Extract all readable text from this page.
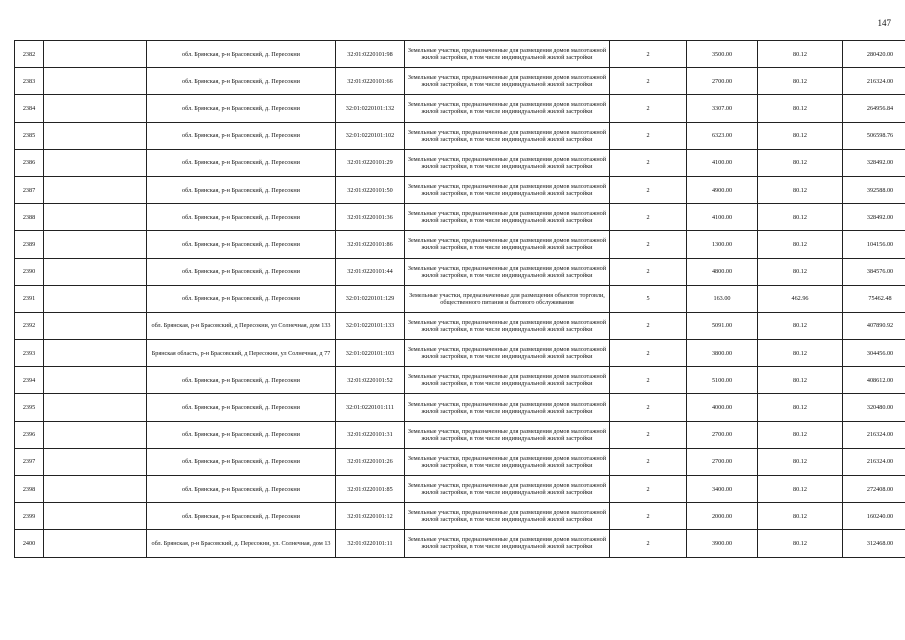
147
2382		обл. Брянская, р-н Брасовский, д. Пересокни	32:01:0220101:98	Земельные участки, предназначенные для размещения домов малоэтажной жилой застройки, в том числе индивидуальной жилой застройки	2	3500.00	80.12	280420.00
2383		обл. Брянская, р-н Брасовский, д. Пересокни	32:01:0220101:66	Земельные участки, предназначенные для размещения домов малоэтажной жилой застройки, в том числе индивидуальной жилой застройки	2	2700.00	80.12	216324.00
2384		обл. Брянская, р-н Брасовский, д. Пересокни	32:01:0220101:132	Земельные участки, предназначенные для размещения домов малоэтажной жилой застройки, в том числе индивидуальной жилой застройки	2	3307.00	80.12	264956.84
2385		обл. Брянская, р-н Брасовский, д. Пересокни	32:01:0220101:102	Земельные участки, предназначенные для размещения домов малоэтажной жилой застройки, в том числе индивидуальной жилой застройки	2	6323.00	80.12	506598.76
2386		обл. Брянская, р-н Брасовский, д. Пересокни	32:01:0220101:29	Земельные участки, предназначенные для размещения домов малоэтажной жилой застройки, в том числе индивидуальной жилой застройки	2	4100.00	80.12	328492.00
2387		обл. Брянская, р-н Брасовский, д. Пересокни	32:01:0220101:50	Земельные участки, предназначенные для размещения домов малоэтажной жилой застройки, в том числе индивидуальной жилой застройки	2	4900.00	80.12	392588.00
2388		обл. Брянская, р-н Брасовский, д. Пересокни	32:01:0220101:36	Земельные участки, предназначенные для размещения домов малоэтажной жилой застройки, в том числе индивидуальной жилой застройки	2	4100.00	80.12	328492.00
2389		обл. Брянская, р-н Брасовский, д. Пересокни	32:01:0220101:86	Земельные участки, предназначенные для размещения домов малоэтажной жилой застройки, в том числе индивидуальной жилой застройки	2	1300.00	80.12	104156.00
2390		обл. Брянская, р-н Брасовский, д. Пересокни	32:01:0220101:44	Земельные участки, предназначенные для размещения домов малоэтажной жилой застройки, в том числе индивидуальной жилой застройки	2	4800.00	80.12	384576.00
2391		обл. Брянская, р-н Брасовский, д. Пересокни	32:01:0220101:129	Земельные участки, предназначенные для размещения объектов торговли, общественного питания и бытового обслуживания	5	163.00	462.96	75462.48
2392		обл. Брянская, р-н Брасовский, д Пересокни, ул Солнечная, дом 133	32:01:0220101:133	Земельные участки, предназначенные для размещения домов малоэтажной жилой застройки, в том числе индивидуальной жилой застройки	2	5091.00	80.12	407890.92
2393		Брянская область, р-н Брасовский, д Пересокни, ул Солнечная, д 77	32:01:0220101:103	Земельные участки, предназначенные для размещения домов малоэтажной жилой застройки, в том числе индивидуальной жилой застройки	2	3800.00	80.12	304456.00
2394		обл. Брянская, р-н Брасовский, д. Пересокни	32:01:0220101:52	Земельные участки, предназначенные для размещения домов малоэтажной жилой застройки, в том числе индивидуальной жилой застройки	2	5100.00	80.12	408612.00
2395		обл. Брянская, р-н Брасовский, д. Пересокни	32:01:0220101:111	Земельные участки, предназначенные для размещения домов малоэтажной жилой застройки, в том числе индивидуальной жилой застройки	2	4000.00	80.12	320480.00
2396		обл. Брянская, р-н Брасовский, д. Пересокни	32:01:0220101:31	Земельные участки, предназначенные для размещения домов малоэтажной жилой застройки, в том числе индивидуальной жилой застройки	2	2700.00	80.12	216324.00
2397		обл. Брянская, р-н Брасовский, д. Пересокни	32:01:0220101:26	Земельные участки, предназначенные для размещения домов малоэтажной жилой застройки, в том числе индивидуальной жилой застройки	2	2700.00	80.12	216324.00
2398		обл. Брянская, р-н Брасовский, д. Пересокни	32:01:0220101:85	Земельные участки, предназначенные для размещения домов малоэтажной жилой застройки, в том числе индивидуальной жилой застройки	2	3400.00	80.12	272408.00
2399		обл. Брянская, р-н Брасовский, д. Пересокни	32:01:0220101:12	Земельные участки, предназначенные для размещения домов малоэтажной жилой застройки, в том числе индивидуальной жилой застройки	2	2000.00	80.12	160240.00
2400		обл. Брянская, р-н Брасовский, д. Пересокни, ул. Солнечная, дом 13	32:01:0220101:11	Земельные участки, предназначенные для размещения домов малоэтажной жилой застройки, в том числе индивидуальной жилой застройки	2	3900.00	80.12	312468.00
